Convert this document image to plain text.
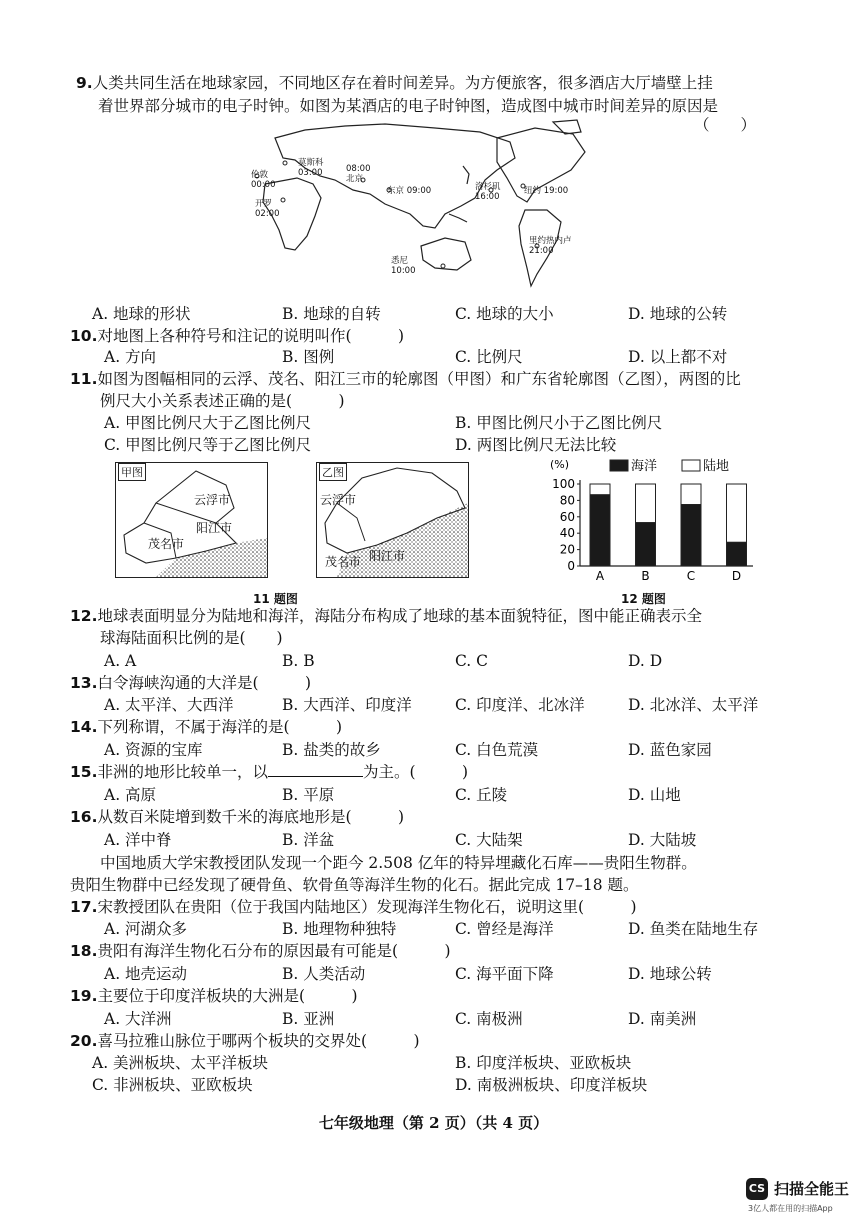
9.人类共同生活在地球家园，不同地区存在着时间差异。为方便旅客，很多酒店大厅墙壁上挂
着世界部分城市的电子时钟。如图为某酒店的电子时钟图，造成图中城市时间差异的原因是
（　　）
莫斯科
03:00
伦敦
00:00
开罗
02:00
08:00
北京
东京 09:00
悉尼
10:00
洛杉矶
16:00
纽约 19:00
里约热内卢
21:00
A. 地球的形状	B. 地球的自转	C. 地球的大小	D. 地球的公转
10.对地图上各种符号和注记的说明叫作(　　　)
A. 方向	B. 图例	C. 比例尺	D. 以上都不对
11.如图为图幅相同的云浮、茂名、阳江三市的轮廓图（甲图）和广东省轮廓图（乙图），两图的比
例尺大小关系表述正确的是(　　　)
A. 甲图比例尺大于乙图比例尺	B. 甲图比例尺小于乙图比例尺
C. 甲图比例尺等于乙图比例尺	D. 两图比例尺无法比较
甲图
云浮市
阳江市
茂名市
乙图
云浮市
茂名市 阳江市
11 题图
(%)
0
20
40
60
80
100
A	B	C	D
海洋	陆地
12 题图
12.地球表面明显分为陆地和海洋，海陆分布构成了地球的基本面貌特征，图中能正确表示全
球海陆面积比例的是(　　)
A. A	B. B	C. C	D. D
13.白令海峡沟通的大洋是(　　　)
A. 太平洋、大西洋	B. 大西洋、印度洋	C. 印度洋、北冰洋	D. 北冰洋、太平洋
14.下列称谓，不属于海洋的是(　　　)
A. 资源的宝库	B. 盐类的故乡	C. 白色荒漠	D. 蓝色家园
15.非洲的地形比较单一，以	为主。(　　　)
A. 高原	B. 平原	C. 丘陵	D. 山地
16.从数百米陡增到数千米的海底地形是(　　　)
A. 洋中脊	B. 洋盆	C. 大陆架	D. 大陆坡
中国地质大学宋教授团队发现一个距今 2.508 亿年的特异埋藏化石库——贵阳生物群。
贵阳生物群中已经发现了硬骨鱼、软骨鱼等海洋生物的化石。据此完成 17–18 题。
17.宋教授团队在贵阳（位于我国内陆地区）发现海洋生物化石，说明这里(　　　)
A. 河湖众多	B. 地理物种独特	C. 曾经是海洋	D. 鱼类在陆地生存
18.贵阳有海洋生物化石分布的原因最有可能是(　　　)
A. 地壳运动	B. 人类活动	C. 海平面下降	D. 地球公转
19.主要位于印度洋板块的大洲是(　　　)
A. 大洋洲	B. 亚洲	C. 南极洲	D. 南美洲
20.喜马拉雅山脉位于哪两个板块的交界处(　　　)
A. 美洲板块、太平洋板块	B. 印度洋板块、亚欧板块
C. 非洲板块、亚欧板块	D. 南极洲板块、印度洋板块
七年级地理（第 2 页）（共 4 页）
CS 扫描全能王
3亿人都在用的扫描App
